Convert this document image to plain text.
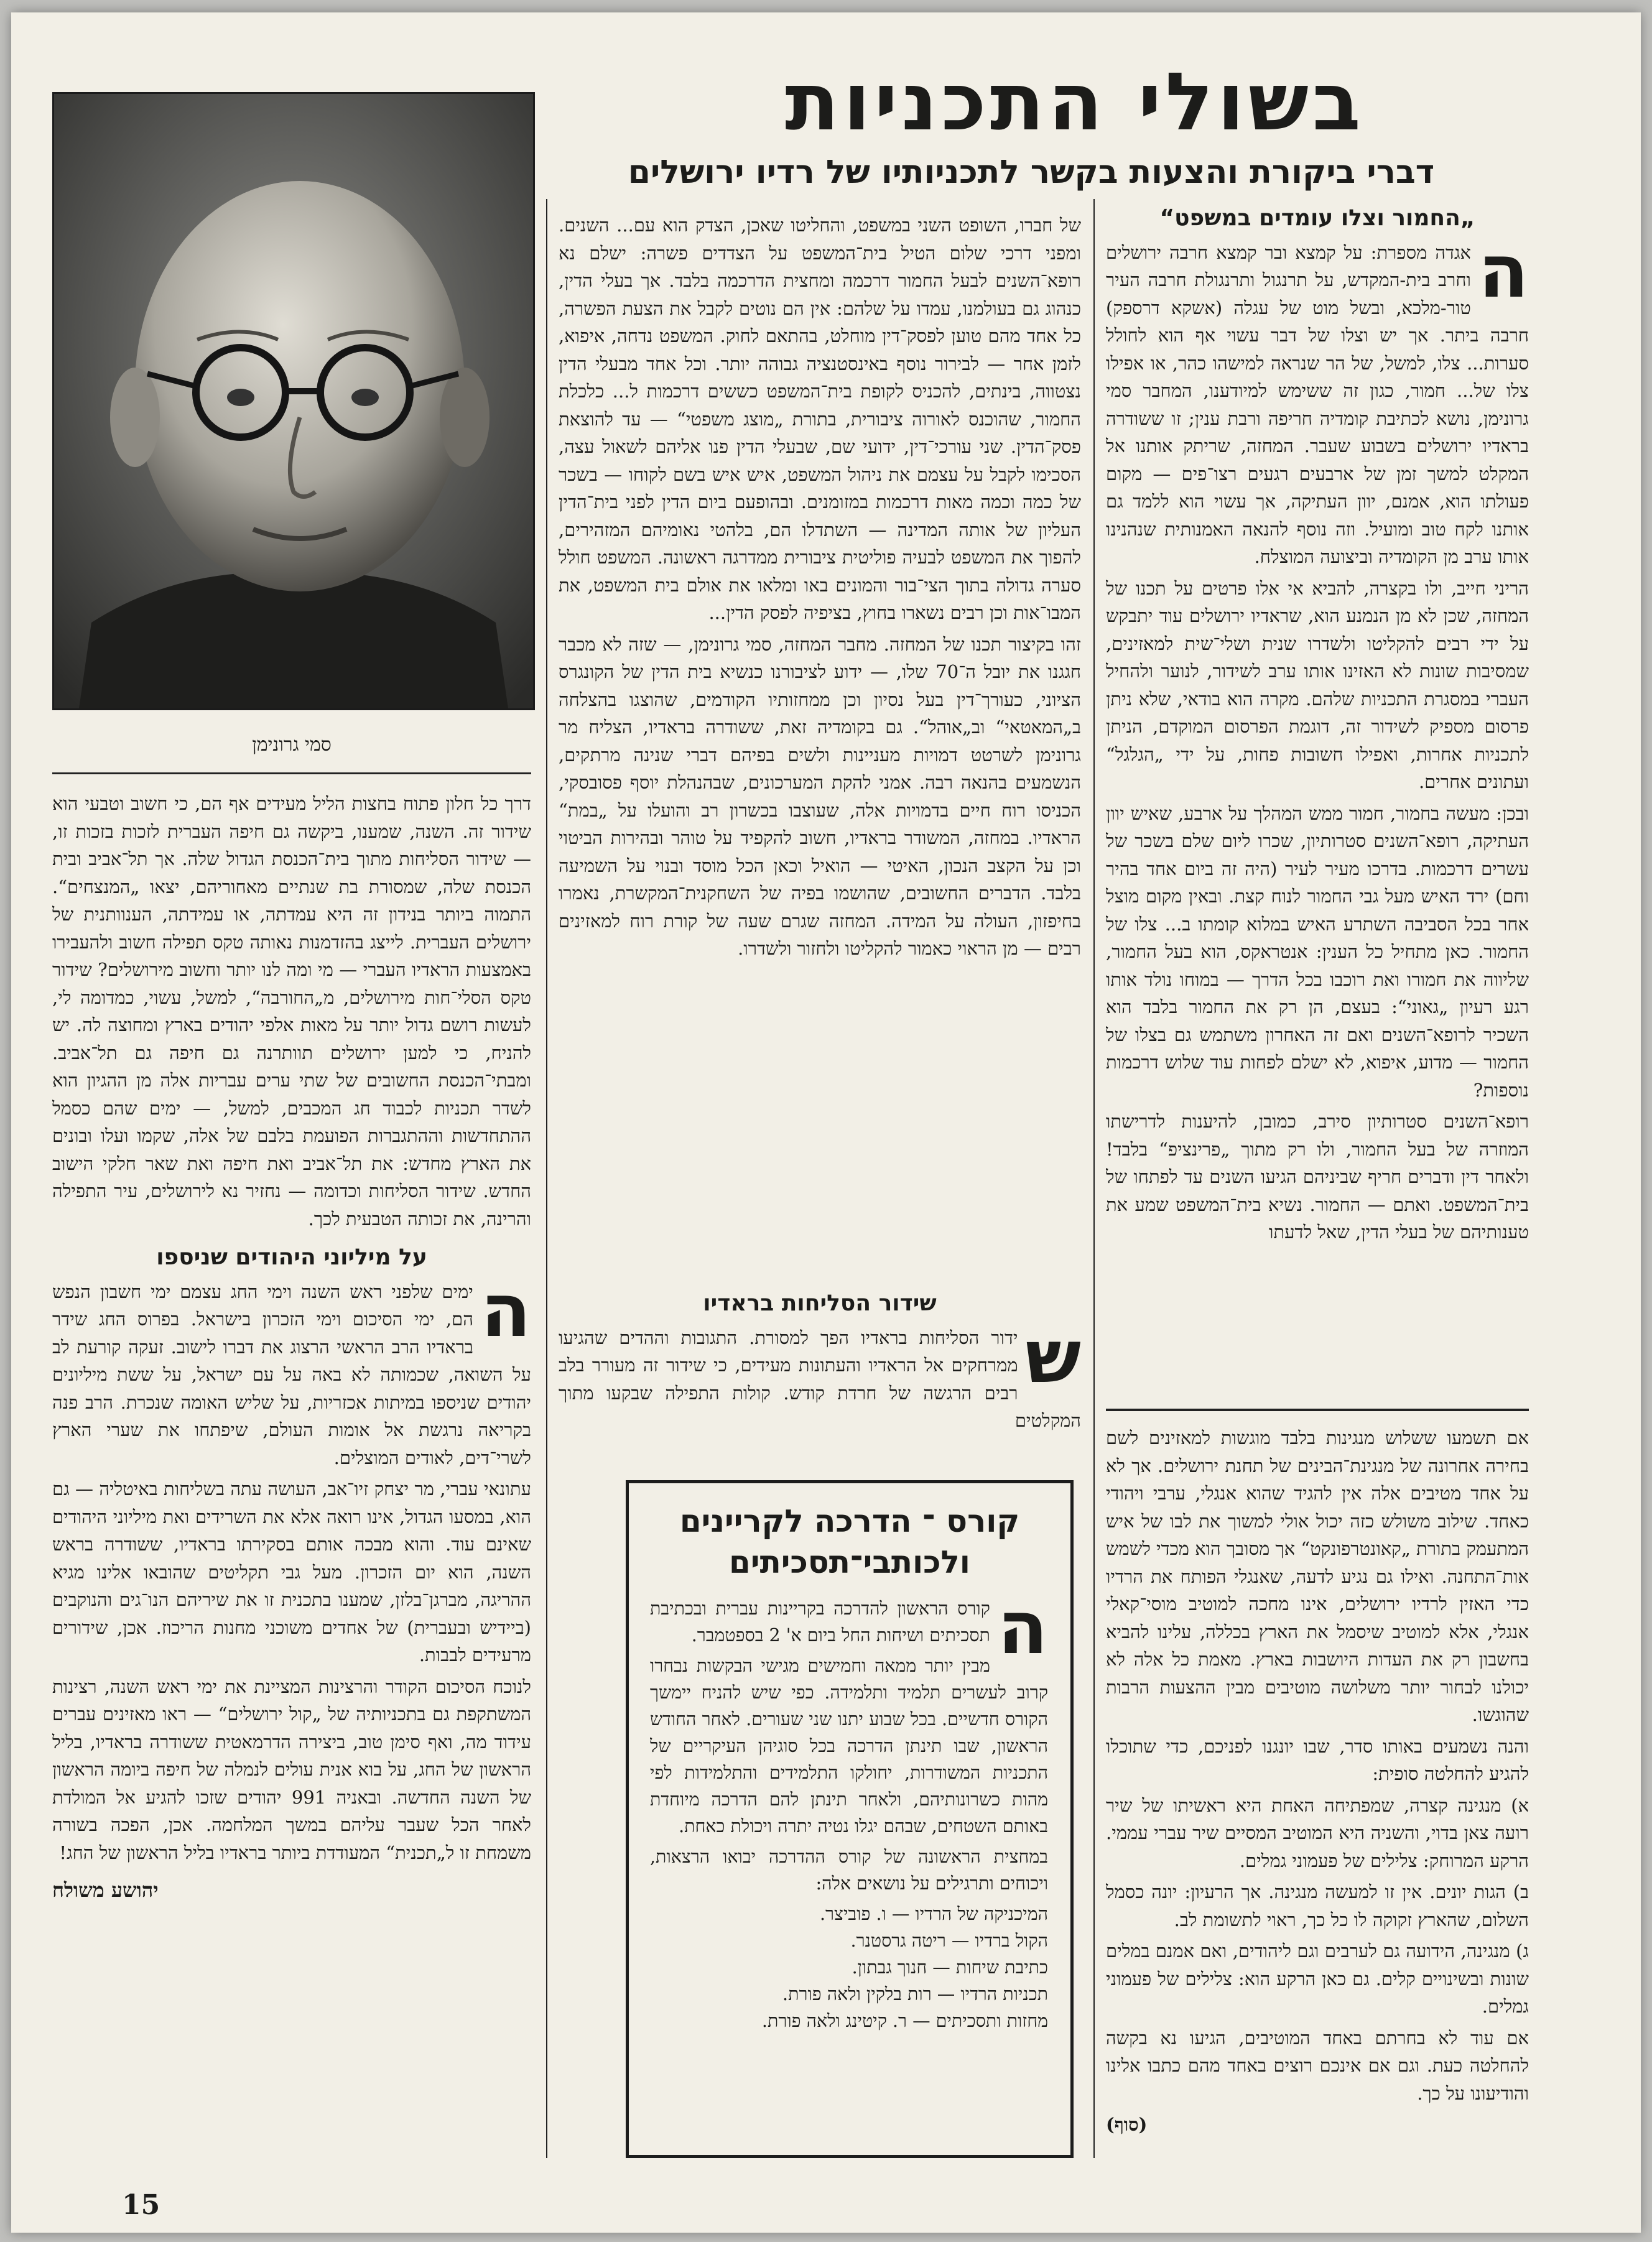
בשולי התכניות
דברי ביקורת והצעות בקשר לתכניותיו של רדיו ירושלים
סמי גרונימן
„החמור וצלו עומדים במשפט“
ה

אגדה מספרת: על קמצא ובר קמצא חרבה ירושלים וחרב בית-המקדש, על תרנגול ותרנגולת חרבה העיר טור-מלכא, ובשל מוט של עגלה (אשקא דרספק) חרבה ביתר. אך יש וצלו של דבר עשוי אף הוא לחולל סערות... צלו, למשל, של הר שנראה למישהו כהר, או אפילו צלו של... חמור, כגון זה ששימש למיודענו, המחבר סמי גרונימן, נושא לכתיבת קומדיה חריפה ורבת ענין; זו ששודרה בראדיו ירושלים בשבוע שעבר. המחזה, שריתק אותנו אל המקלט למשך זמן של ארבעים רגעים רצו־פים — מקום פעולתו הוא, אמנם, יוון העתיקה, אך עשוי הוא ללמד גם אותנו לקח טוב ומועיל. וזה נוסף להנאה האמנותית שנהנינו אותו ערב מן הקומדיה וביצועה המוצלח.

הריני חייב, ולו בקצרה, להביא אי אלו פרטים על תכנו של המחזה, שכן לא מן הנמנע הוא, שראדיו ירושלים עוד יתבקש על ידי רבים להקליטו ולשדרו שנית ושלי־שית למאזינים, שמסיבות שונות לא האזינו אותו ערב לשידור, לנוער ולהחיל העברי במסגרת התכניות שלהם. מקרה הוא בודאי, שלא ניתן פרסום מספיק לשידור זה, דוגמת הפרסום המוקדם, הניתן לתכניות אחרות, ואפילו חשובות פחות, על ידי „הגלגל“ ועתונים אחרים.

ובכן: מעשה בחמור, חמור ממש המהלך על ארבע, שאיש יוון העתיקה, רופא־השנים סטרותיון, שכרו ליום שלם בשכר של עשרים דרכמות. בדרכו מעיר לעיר (היה זה ביום אחד בהיר וחם) ירד האיש מעל גבי החמור לנוח קצת. ובאין מקום מוצל אחר בכל הסביבה השתרע האיש במלוא קומתו ב... צלו של החמור. כאן מתחיל כל הענין: אנטראקס, הוא בעל החמור, שליווה את חמורו ואת רוכבו בכל הדרך — במוחו נולד אותו רגע רעיון „גאוני“: בעצם, הן רק את החמור בלבד הוא השכיר לרופא־השנים ואם זה האחרון משתמש גם בצלו של החמור — מדוע, איפוא, לא ישלם לפחות עוד שלוש דרכמות נוספות?

רופא־השנים סטרותיון סירב, כמובן, להיענות לדרישתו המוזרה של בעל החמור, ולו רק מתוך „פרינציפ“ בלבד! ולאחר דין ודברים חריף שביניהם הגיעו השנים עד לפתחו של בית־המשפט. ואתם — החמור. נשיא בית־המשפט שמע את טענותיהם של בעלי הדין, שאל לדעתו

של חברו, השופט השני במשפט, והחליטו שאכן, הצדק הוא עם... השנים. ומפני דרכי שלום הטיל בית־המשפט על הצדדים פשרה: ישלם נא רופא־השנים לבעל החמור דרכמה ומחצית הדרכמה בלבד. אך בעלי הדין, כנהוג גם בעולמנו, עמדו על שלהם: אין הם נוטים לקבל את הצעת הפשרה, כל אחד מהם טוען לפסק־דין מוחלט, בהתאם לחוק. המשפט נדחה, איפוא, לזמן אחר — לבירור נוסף באינסטנציה גבוהה יותר. וכל אחד מבעלי הדין נצטווה, בינתים, להכניס לקופת בית־המשפט כששים דרכמות ל... כלכלת החמור, שהוכנס לאורוה ציבורית, בתורת „מוצג משפטי“ — עד להוצאת פסק־הדין. שני עורכי־דין, ידועי שם, שבעלי הדין פנו אליהם לשאול עצה, הסכימו לקבל על עצמם את ניהול המשפט, איש איש בשם לקוחו — בשכר של כמה וכמה מאות דרכמות במזומנים. ובהופעם ביום הדין לפני בית־הדין העליון של אותה המדינה — השתדלו הם, בלהטי נאומיהם המזהירים, להפוך את המשפט לבעיה פוליטית ציבורית ממדרגה ראשונה. המשפט חולל סערה גדולה בתוך הצי־בור והמונים באו ומלאו את אולם בית המשפט, את המבו־אות וכן רבים נשארו בחוץ, בציפיה לפסק הדין...

זהו בקיצור תכנו של המחזה. מחבר המחזה, סמי גרונימן, — שזה לא מכבר חגגנו את יובל ה־70 שלו, — ידוע לציבורנו כנשיא בית הדין של הקונגרס הציוני, כעורך־דין בעל נסיון וכן ממחזותיו הקודמים, שהוצגו בהצלחה ב„המאטאי“ וב„אוהל“. גם בקומדיה זאת, ששודרה בראדיו, הצליח מר גרונימן לשרטט דמויות מעניינות ולשים בפיהם דברי שנינה מרתקים, הנשמעים בהנאה רבה. אמני להקת המערכונים, שבהנהלת יוסף פסובסקי, הכניסו רוח חיים בדמויות אלה, שעוצבו בכשרון רב והועלו על „במת“ הראדיו. במחזה, המשודר בראדיו, חשוב להקפיד על טוהר ובהירות הביטוי וכן על הקצב הנכון, האיטי — הואיל וכאן הכל מוסד ובנוי על השמיעה בלבד. הדברים החשובים, שהושמו בפיה של השחקנית־המקשרת, נאמרו בחיפזון, העולה על המידה. המחזה שגרם שעה של קורת רוח למאזינים רבים — מן הראוי כאמור להקליטו ולחזור ולשדרו.

שידור הסליחות בראדיו
ש

ידור הסליחות בראדיו הפך למסורת. התגובות וההדים שהגיעו ממרחקים אל הראדיו והעתונות מעידים, כי שידור זה מעורר בלב רבים הרגשה של חרדת קודש. קולות התפילה שבקעו מתוך המקלטים

דרך כל חלון פתוח בחצות הליל מעידים אף הם, כי חשוב וטבעי הוא שידור זה. השנה, שמענו, ביקשה גם חיפה העברית לזכות בזכות זו, — שידור הסליחות מתוך בית־הכנסת הגדול שלה. אך תל־אביב ובית הכנסת שלה, שמסורת בת שנתיים מאחוריהם, יצאו „המנצחים“. התמוה ביותר בנידון זה היא עמדתה, או עמידתה, הענוותנית של ירושלים העברית. לייצג בהזדמנות נאותה טקס תפילה חשוב ולהעבירו באמצעות הראדיו העברי — מי ומה לנו יותר וחשוב מירושלים? שידור טקס הסלי־חות מירושלים, מ„החורבה“, למשל, עשוי, כמדומה לי, לעשות רושם גדול יותר על מאות אלפי יהודים בארץ ומחוצה לה. יש להניח, כי למען ירושלים תוותרנה גם חיפה גם תל־אביב. ומבתי־הכנסת החשובים של שתי ערים עבריות אלה מן ההגיון הוא לשדר תכניות לכבוד חג המכבים, למשל, — ימים שהם כסמל ההתחדשות וההתגברות הפועמת בלבם של אלה, שקמו ועלו ובונים את הארץ מחדש: את תל־אביב ואת חיפה ואת שאר חלקי הישוב החדש. שידור הסליחות וכדומה — נחזיר נא לירושלים, עיר התפילה והרינה, את זכותה הטבעית לכך.

על מיליוני היהודים שניספו
ה

ימים שלפני ראש השנה וימי החג עצמם ימי חשבון הנפש הם, ימי הסיכום וימי הזכרון בישראל. בפרוס החג שידר בראדיו הרב הראשי הרצוג את דברו לישוב. זעקה קורעת לב על השואה, שכמותה לא באה על עם ישראל, על ששת מיליונים יהודים שניספו במיתות אכזריות, על שליש האומה שנכרת. הרב פנה בקריאה נרגשת אל אומות העולם, שיפתחו את שערי הארץ לשרי־דים, לאודים המוצלים.

עתונאי עברי, מר יצחק זיו־אב, העושה עתה בשליחות באיטליה — גם הוא, במסעו הגדול, אינו רואה אלא את השרידים ואת מיליוני היהודים שאינם עוד. והוא מבכה אותם בסקירתו בראדיו, ששודרה בראש השנה, הוא יום הזכרון. מעל גבי תקליטים שהובאו אלינו מגיא ההריגה, מברגן־בלזן, שמענו בתכנית זו את שיריהם הנו־גים והנוקבים (ביידיש ובעברית) של אחדים משוכני מחנות הריכוז. אכן, שידורים מרעידים לבבות.

לנוכח הסיכום הקודר והרצינות המציינת את ימי ראש השנה, רצינות המשתקפת גם בתכניותיה של „קול ירושלים“ — ראו מאזינים עברים עידוד מה, ואף סימן טוב, ביצירה הדרמאטית ששודרה בראדיו, בליל הראשון של החג, על בוא אנית עולים לנמלה של חיפה ביומה הראשון של השנה החדשה. ובאניה 991 יהודים שזכו להגיע אל המולדת לאחר הכל שעבר עליהם במשך המלחמה. אכן, הפכה בשורה משמחת זו ל„תכנית“ המעודדת ביותר בראדיו בליל הראשון של החג!

יהושע משולח
קורס ־ הדרכה לקריינים
ולכותבי־תסכיתים
ה

קורס הראשון להדרכה בקריינות עברית ובכתיבת תסכיתים ושיחות החל ביום א' 2 בספטמבר.

מבין יותר ממאה וחמישים מגישי הבקשות נבחרו קרוב לעשרים תלמיד ותלמידה. כפי שיש להניח יימשך הקורס חדשיים. בכל שבוע יתנו שני שעורים. לאחר החודש הראשון, שבו תינתן הדרכה בכל סוגיהן העיקריים של התכניות המשודרות, יחולקו התלמידים והתלמידות לפי מהות כשרונותיהם, ולאחר תינתן להם הדרכה מיוחדת באותם השטחים, שבהם יגלו נטיה יתרה ויכולת כאחת.

במחצית הראשונה של קורס ההדרכה יבואו הרצאות, ויכוחים ותרגילים על נושאים אלה:

המיכניקה של הרדיו — ו. פוביצר.
הקול ברדיו — ריטה גרסטנר.
כתיבת שיחות — חנוך גבתון.
תכניות הרדיו — רות בלקין ולאה פורת.
מחזות ותסכיתים — ר. קיטינג ולאה פורת.

אם תשמעו ששלוש מנגינות בלבד מוגשות למאזינים לשם בחירה אחרונה של מנגינת־הבינים של תחנת ירושלים. אך לא על אחד מטיבים אלה אין להגיד שהוא אנגלי, ערבי ויהודי כאחד. שילוב משולש כזה יכול אולי למשוך את לבו של איש המתעמק בתורת „קאונטרפונקט“ אך מסובך הוא מכדי לשמש אות־התחנה. ואילו גם נגיע לדעה, שאנגלי הפותח את הרדיו כדי האזין לרדיו ירושלים, אינו מחכה למוטיב מוסי־קאלי אנגלי, אלא למוטיב שיסמל את הארץ בכללה, עלינו להביא בחשבון רק את העדות היושבות בארץ. מאמת כל אלה לא יכולנו לבחור יותר משלושה מוטיבים מבין ההצעות הרבות שהוגשו.

והנה נשמעים באותו סדר, שבו יונגנו לפניכם, כדי שתוכלו להגיע להחלטה סופית:

א) מנגינה קצרה, שמפתיחה האחת היא ראשיתו של שיר רועה צאן בדוי, והשניה היא המוטיב המסיים שיר עברי עממי. הרקע המרוחק: צלילים של פעמוני גמלים.

ב) הגות יונים. אין זו למעשה מנגינה. אך הרעיון: יונה כסמל השלום, שהארץ זקוקה לו כל כך, ראוי לתשומת לב.

ג) מנגינה, הידועה גם לערבים וגם ליהודים, ואם אמנם במלים שונות ובשינויים קלים. גם כאן הרקע הוא: צלילים של פעמוני גמלים.

אם עוד לא בחרתם באחד המוטיבים, הגיעו נא בקשה להחלטה כעת. וגם אם אינכם רוצים באחד מהם כתבו אלינו והודיעונו על כך.

(סוף)
15
